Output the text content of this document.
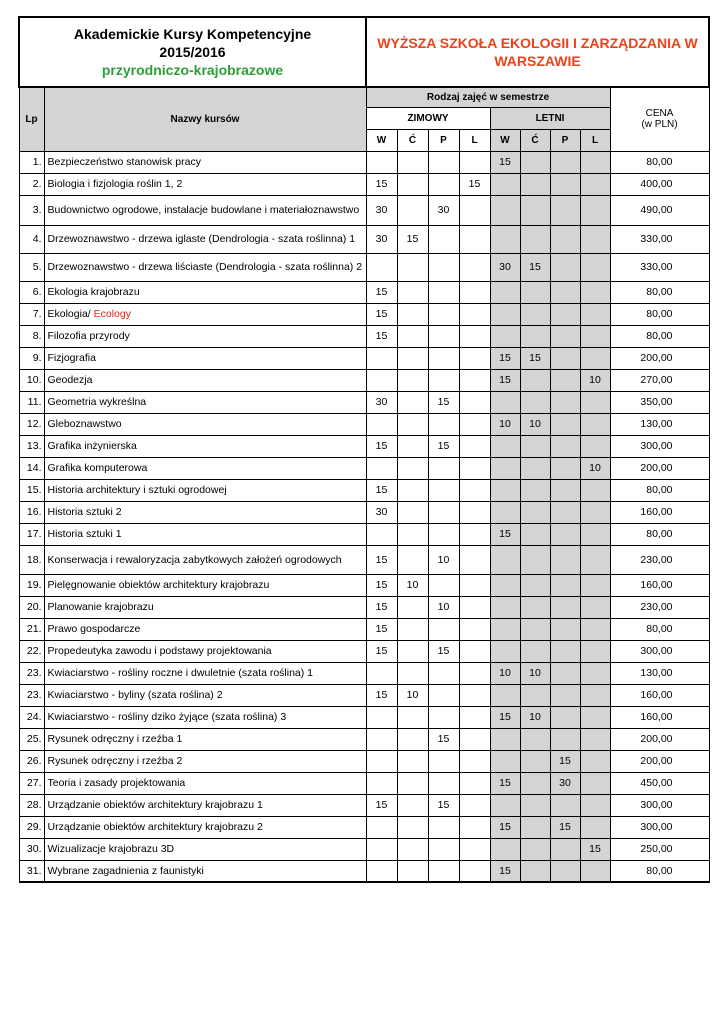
Akademickie Kursy Kompetencyjne
2015/2016
przyrodniczo-krajobrazowe		WYŻSZA SZKOŁA EKOLOGII I ZARZĄDZANIA W WARSZAWIE								
Lp	Nazwy kursów	Rodzaj zajęć w semestrze								CENA
(w PLN)

		ZIMOWY				LETNI				
		W	Ć	P	L	W	Ć	P	L	
1.	Bezpieczeństwo stanowisk pracy					15				80,00
2.	Biologia i fizjologia roślin 1, 2	15			15					400,00
3.	Budownictwo ogrodowe, instalacje budowlane i materiałoznawstwo	30		30						490,00
4.	Drzewoznawstwo - drzewa iglaste (Dendrologia - szata roślinna) 1	30	15							330,00
5.	Drzewoznawstwo - drzewa liściaste (Dendrologia - szata roślinna) 2					30	15			330,00
6.	Ekologia krajobrazu	15								80,00
7.	Ekologia/ Ecology	15								80,00
8.	Filozofia przyrody	15								80,00
9.	Fizjografia					15	15			200,00
10.	Geodezja					15			10	270,00
11.	Geometria wykreślna	30		15						350,00
12.	Gleboznawstwo					10	10			130,00
13.	Grafika inżynierska	15		15						300,00
14.	Grafika komputerowa								10	200,00
15.	Historia architektury i sztuki ogrodowej	15								80,00
16.	Historia sztuki 2	30								160,00
17.	Historia sztuki 1					15				80,00
18.	Konserwacja i rewaloryzacja zabytkowych założeń ogrodowych	15		10						230,00
19.	Pielęgnowanie obiektów architektury krajobrazu	15	10							160,00
20.	Planowanie krajobrazu	15		10						230,00
21.	Prawo gospodarcze	15								80,00
22.	Propedeutyka zawodu i podstawy projektowania	15		15						300,00
23.	Kwiaciarstwo - rośliny roczne i dwuletnie (szata roślina) 1					10	10			130,00
23.	Kwiaciarstwo - byliny (szata roślina) 2	15	10							160,00
24.	Kwiaciarstwo - rośliny dziko żyjące (szata roślina) 3					15	10			160,00
25.	Rysunek odręczny i rzeźba 1			15						200,00
26.	Rysunek odręczny i rzeźba 2							15		200,00
27.	Teoria i zasady projektowania					15		30		450,00
28.	Urządzanie obiektów architektury krajobrazu 1	15		15						300,00
29.	Urządzanie obiektów architektury krajobrazu 2					15		15		300,00
30.	Wizualizacje krajobrazu 3D								15	250,00
31.	Wybrane zagadnienia z faunistyki					15				80,00
